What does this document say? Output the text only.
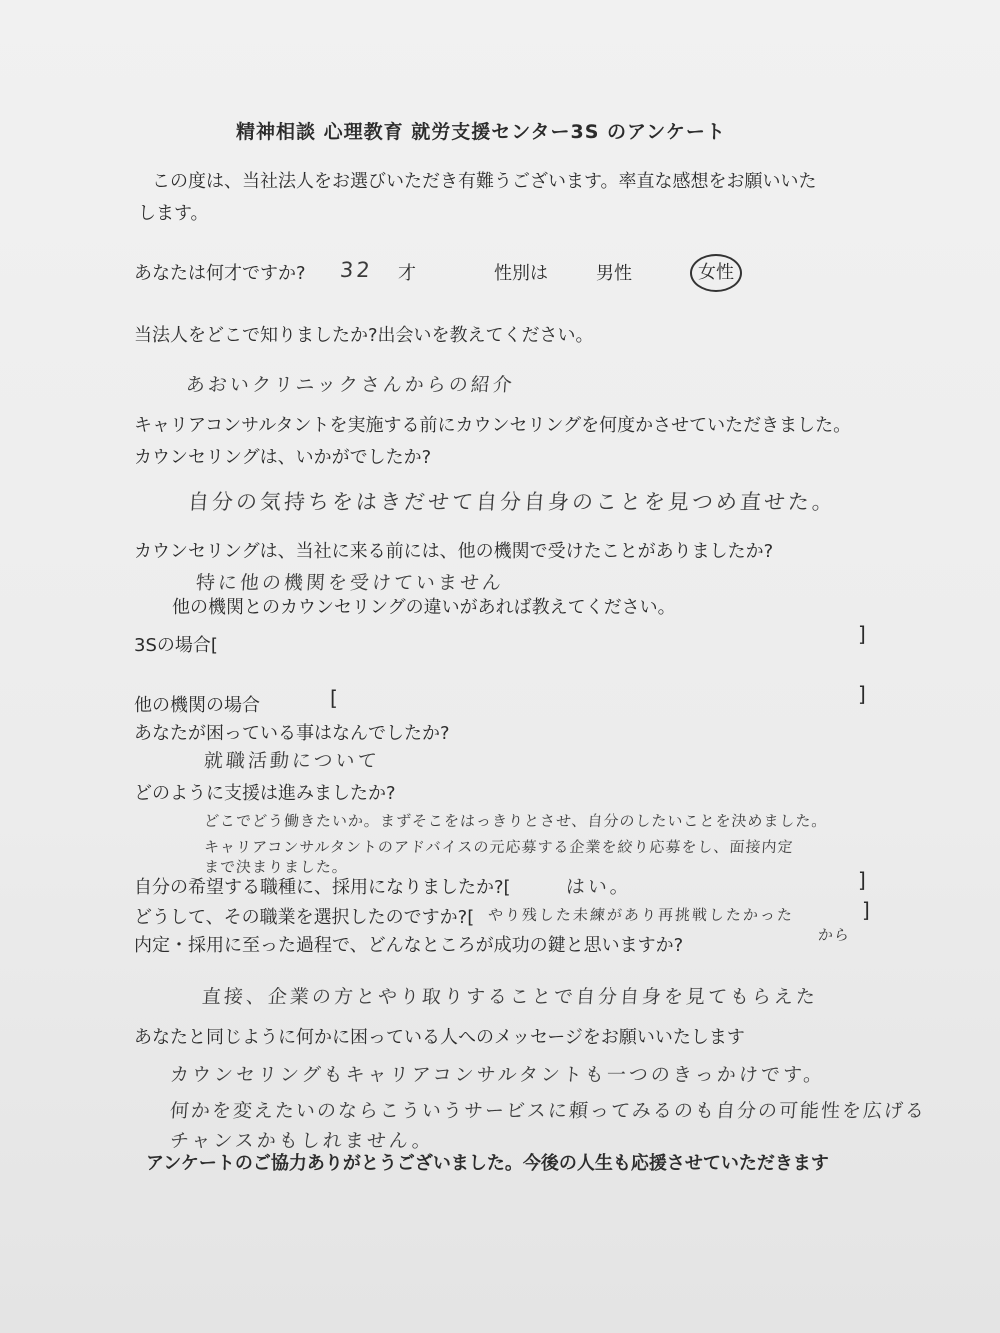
精神相談 心理教育 就労支援センター3S のアンケート
この度は、当社法人をお選びいただき有難うございます。率直な感想をお願いいた
します。
あなたは何才ですか? 32 才	性別は	男性	女性
当法人をどこで知りましたか?出会いを教えてください。
あおいクリニックさんからの紹介
キャリアコンサルタントを実施する前にカウンセリングを何度かさせていただきました。
カウンセリングは、いかがでしたか?
自分の気持ちをはきだせて自分自身のことを見つめ直せた。
カウンセリングは、当社に来る前には、他の機関で受けたことがありましたか?
特に他の機関を受けていません
他の機関とのカウンセリングの違いがあれば教えてください。
3Sの場合[	]
他の機関の場合	[	]
あなたが困っている事はなんでしたか?
就職活動について
どのように支援は進みましたか?
どこでどう働きたいか。まずそこをはっきりとさせ、自分のしたいことを決めました。
キャリアコンサルタントのアドバイスの元応募する企業を絞り応募をし、面接内定
まで決まりました。
自分の希望する職種に、採用になりましたか?[	はい。	]
どうして、その職業を選択したのですか?[ やり残した未練があり再挑戦したかった
から
]
内定・採用に至った過程で、どんなところが成功の鍵と思いますか?
直接、企業の方とやり取りすることで自分自身を見てもらえた
あなたと同じように何かに困っている人へのメッセージをお願いいたします
カウンセリングもキャリアコンサルタントも一つのきっかけです。
何かを変えたいのならこういうサービスに頼ってみるのも自分の可能性を広げる
チャンスかもしれません。
アンケートのご協力ありがとうございました。今後の人生も応援させていただきます
